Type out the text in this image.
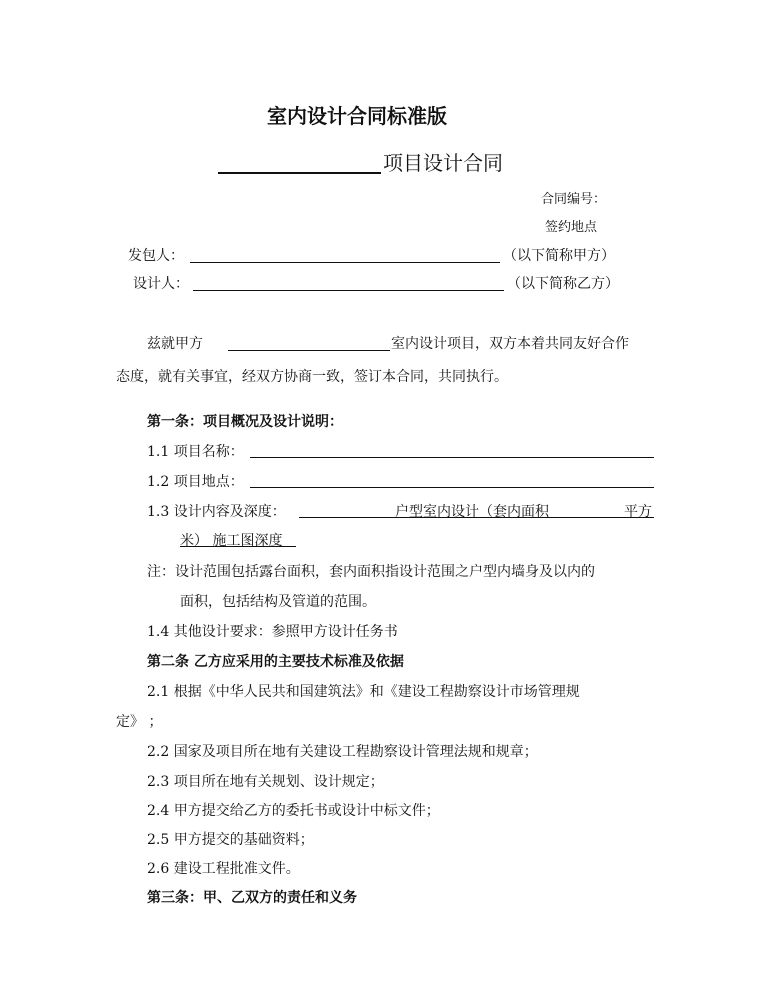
室内设计合同标准版
项目设计合同
合同编号：
签约地点
发包人：	（以下简称甲方）
设计人：	（以下简称乙方）
兹就甲方	室内设计项目，双方本着共同友好合作
态度，就有关事宜，经双方协商一致，签订本合同，共同执行。
第一条：项目概况及设计说明：
1.1 项目名称：
1.2 项目地点：
1.3 设计内容及深度：	户型室内设计（套内面积	平方
米） 施工图深度
注：设计范围包括露台面积，套内面积指设计范围之户型内墙身及以内的
面积，包括结构及管道的范围。
1.4 其他设计要求：参照甲方设计任务书
第二条 乙方应采用的主要技术标准及依据
2.1 根据《中华人民共和国建筑法》和《建设工程勘察设计市场管理规
定》 ；
2.2 国家及项目所在地有关建设工程勘察设计管理法规和规章；
2.3 项目所在地有关规划、设计规定；
2.4 甲方提交给乙方的委托书或设计中标文件；
2.5 甲方提交的基础资料；
2.6 建设工程批准文件。
第三条：甲、乙双方的责任和义务
